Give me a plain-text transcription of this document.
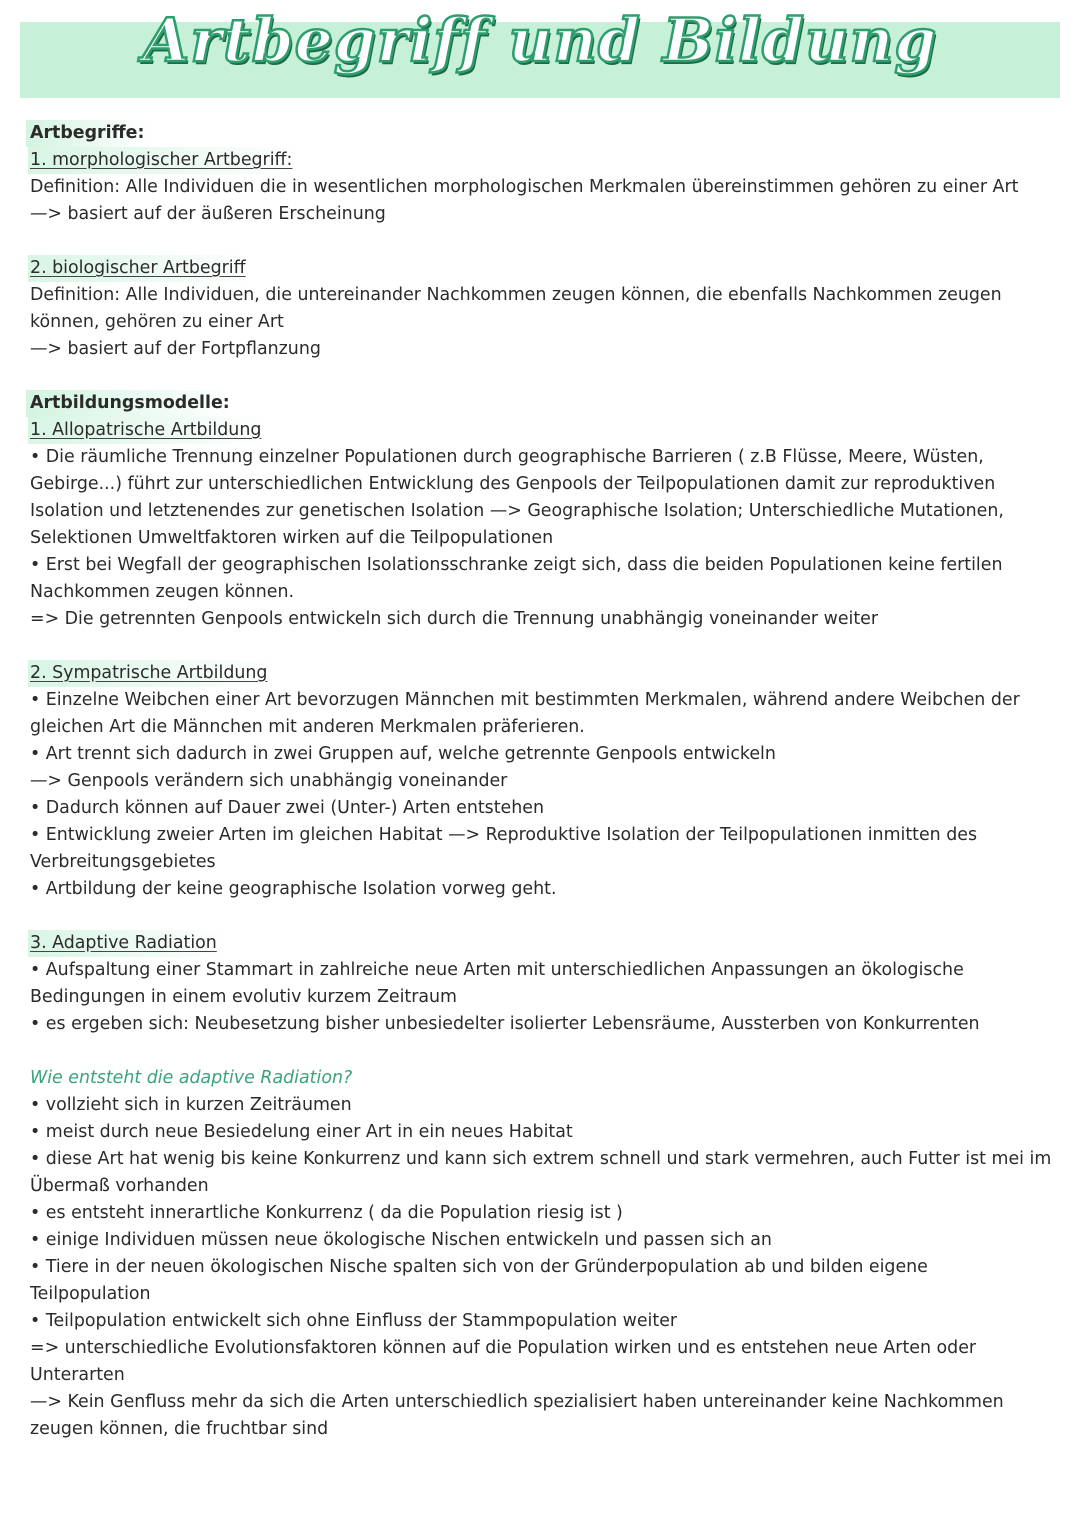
Artbegriff und Bildung

Artbegriffe:

1. morphologischer Artbegriff:

Definition: Alle Individuen die in wesentlichen morphologischen Merkmalen übereinstimmen gehören zu einer Art

—> basiert auf der äußeren Erscheinung

2. biologischer Artbegriff

Definition: Alle Individuen, die untereinander Nachkommen zeugen können, die ebenfalls Nachkommen zeugen

können, gehören zu einer Art

—> basiert auf der Fortpflanzung

Artbildungsmodelle:

1. Allopatrische Artbildung

• Die räumliche Trennung einzelner Populationen durch geographische Barrieren ( z.B Flüsse, Meere, Wüsten,

Gebirge...) führt zur unterschiedlichen Entwicklung des Genpools der Teilpopulationen damit zur reproduktiven

Isolation und letztenendes zur genetischen Isolation —> Geographische Isolation; Unterschiedliche Mutationen,

Selektionen Umweltfaktoren wirken auf die Teilpopulationen

• Erst bei Wegfall der geographischen Isolationsschranke zeigt sich, dass die beiden Populationen keine fertilen

Nachkommen zeugen können.

=> Die getrennten Genpools entwickeln sich durch die Trennung unabhängig voneinander weiter

2. Sympatrische Artbildung

• Einzelne Weibchen einer Art bevorzugen Männchen mit bestimmten Merkmalen, während andere Weibchen der

gleichen Art die Männchen mit anderen Merkmalen präferieren.

• Art trennt sich dadurch in zwei Gruppen auf, welche getrennte Genpools entwickeln

—> Genpools verändern sich unabhängig voneinander

• Dadurch können auf Dauer zwei (Unter-) Arten entstehen

• Entwicklung zweier Arten im gleichen Habitat —> Reproduktive Isolation der Teilpopulationen inmitten des

Verbreitungsgebietes

• Artbildung der keine geographische Isolation vorweg geht.

3. Adaptive Radiation

• Aufspaltung einer Stammart in zahlreiche neue Arten mit unterschiedlichen Anpassungen an ökologische

Bedingungen in einem evolutiv kurzem Zeitraum

• es ergeben sich: Neubesetzung bisher unbesiedelter isolierter Lebensräume, Aussterben von Konkurrenten

Wie entsteht die adaptive Radiation?

• vollzieht sich in kurzen Zeiträumen

• meist durch neue Besiedelung einer Art in ein neues Habitat

• diese Art hat wenig bis keine Konkurrenz und kann sich extrem schnell und stark vermehren, auch Futter ist mei im

Übermaß vorhanden

• es entsteht innerartliche Konkurrenz ( da die Population riesig ist )

• einige Individuen müssen neue ökologische Nischen entwickeln und passen sich an

• Tiere in der neuen ökologischen Nische spalten sich von der Gründerpopulation ab und bilden eigene

Teilpopulation

• Teilpopulation entwickelt sich ohne Einfluss der Stammpopulation weiter

=> unterschiedliche Evolutionsfaktoren können auf die Population wirken und es entstehen neue Arten oder

Unterarten

—> Kein Genfluss mehr da sich die Arten unterschiedlich spezialisiert haben untereinander keine Nachkommen

zeugen können, die fruchtbar sind
